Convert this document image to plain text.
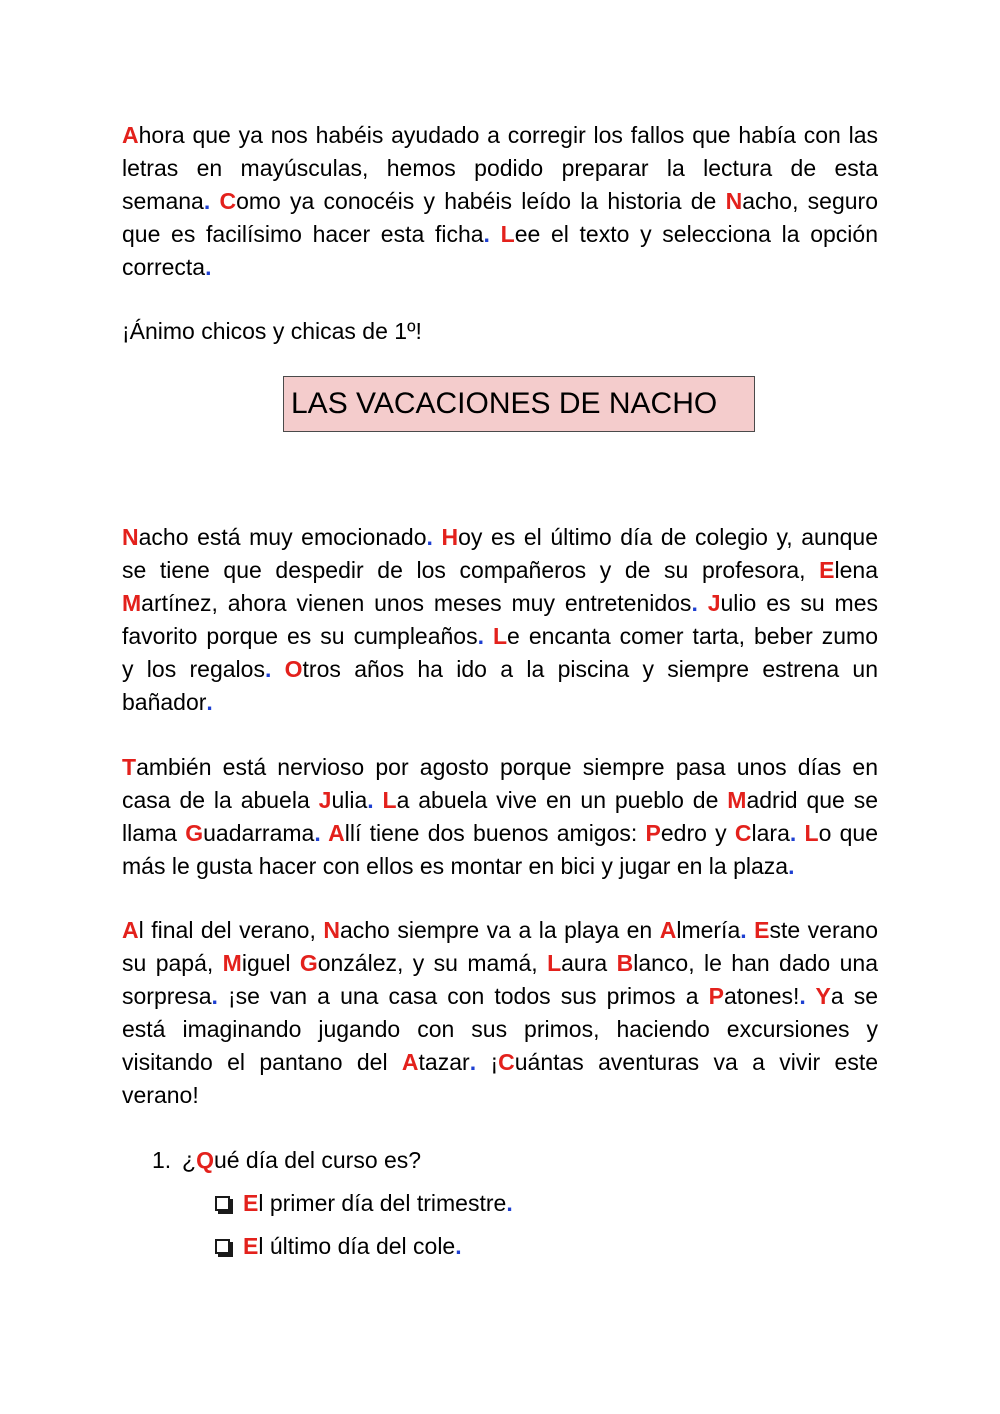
Ahora que ya nos habéis ayudado a corregir los fallos que había con las
letras en mayúsculas, hemos podido preparar la lectura de esta
semana. Como ya conocéis y habéis leído la historia de Nacho, seguro
que es facilísimo hacer esta ficha. Lee el texto y selecciona la opción
correcta.
¡Ánimo chicos y chicas de 1º!
LAS VACACIONES DE NACHO
Nacho está muy emocionado. Hoy es el último día de colegio y, aunque
se tiene que despedir de los compañeros y de su profesora, Elena
Martínez, ahora vienen unos meses muy entretenidos. Julio es su mes
favorito porque es su cumpleaños. Le encanta comer tarta, beber zumo
y los regalos. Otros años ha ido a la piscina y siempre estrena un
bañador.
También está nervioso por agosto porque siempre pasa unos días en
casa de la abuela Julia. La abuela vive en un pueblo de Madrid que se
llama Guadarrama. Allí tiene dos buenos amigos: Pedro y Clara. Lo que
más le gusta hacer con ellos es montar en bici y jugar en la plaza.
Al final del verano, Nacho siempre va a la playa en Almería. Este verano
su papá, Miguel González, y su mamá, Laura Blanco, le han dado una
sorpresa. ¡se van a una casa con todos sus primos a Patones!. Ya se
está imaginando jugando con sus primos, haciendo excursiones y
visitando el pantano del Atazar. ¡Cuántas aventuras va a vivir este
verano!
1. ¿Qué día del curso es?
El primer día del trimestre.
El último día del cole.
